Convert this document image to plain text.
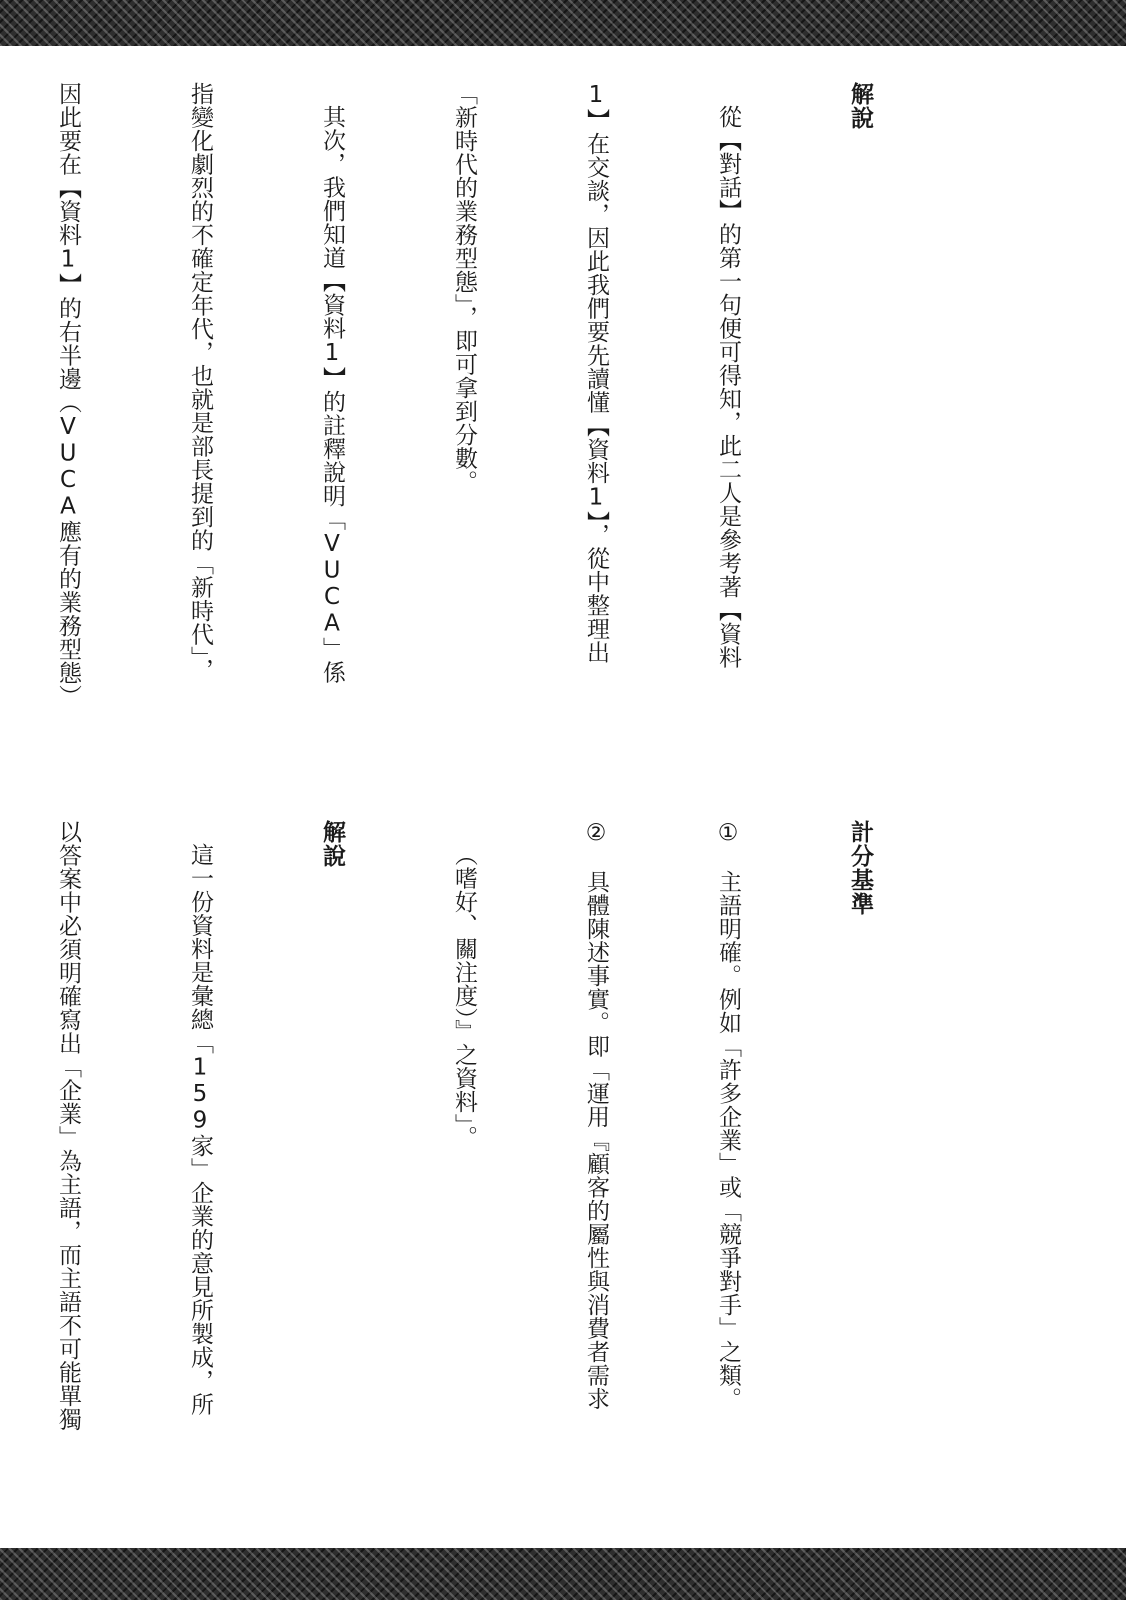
解說

從【對話】的第一句便可得知，此二人是參考著【資料

1】在交談，因此我們要先讀懂【資料1】，從中整理出

「新時代的業務型態」，即可拿到分數。

其次，我們知道【資料1】的註釋說明「VUCA」係

指變化劇烈的不確定年代，也就是部長提到的「新時代」，

因此要在【資料1】的右半邊（VUCA應有的業務型態）

計分基準

①　主語明確。例如「許多企業」或「競爭對手」之類。

②　具體陳述事實。即「運用『顧客的屬性與消費者需求

（嗜好、關注度）』之資料」。

解說

這一份資料是彙總「159家」企業的意見所製成，所

以答案中必須明確寫出「企業」為主語，而主語不可能單獨
